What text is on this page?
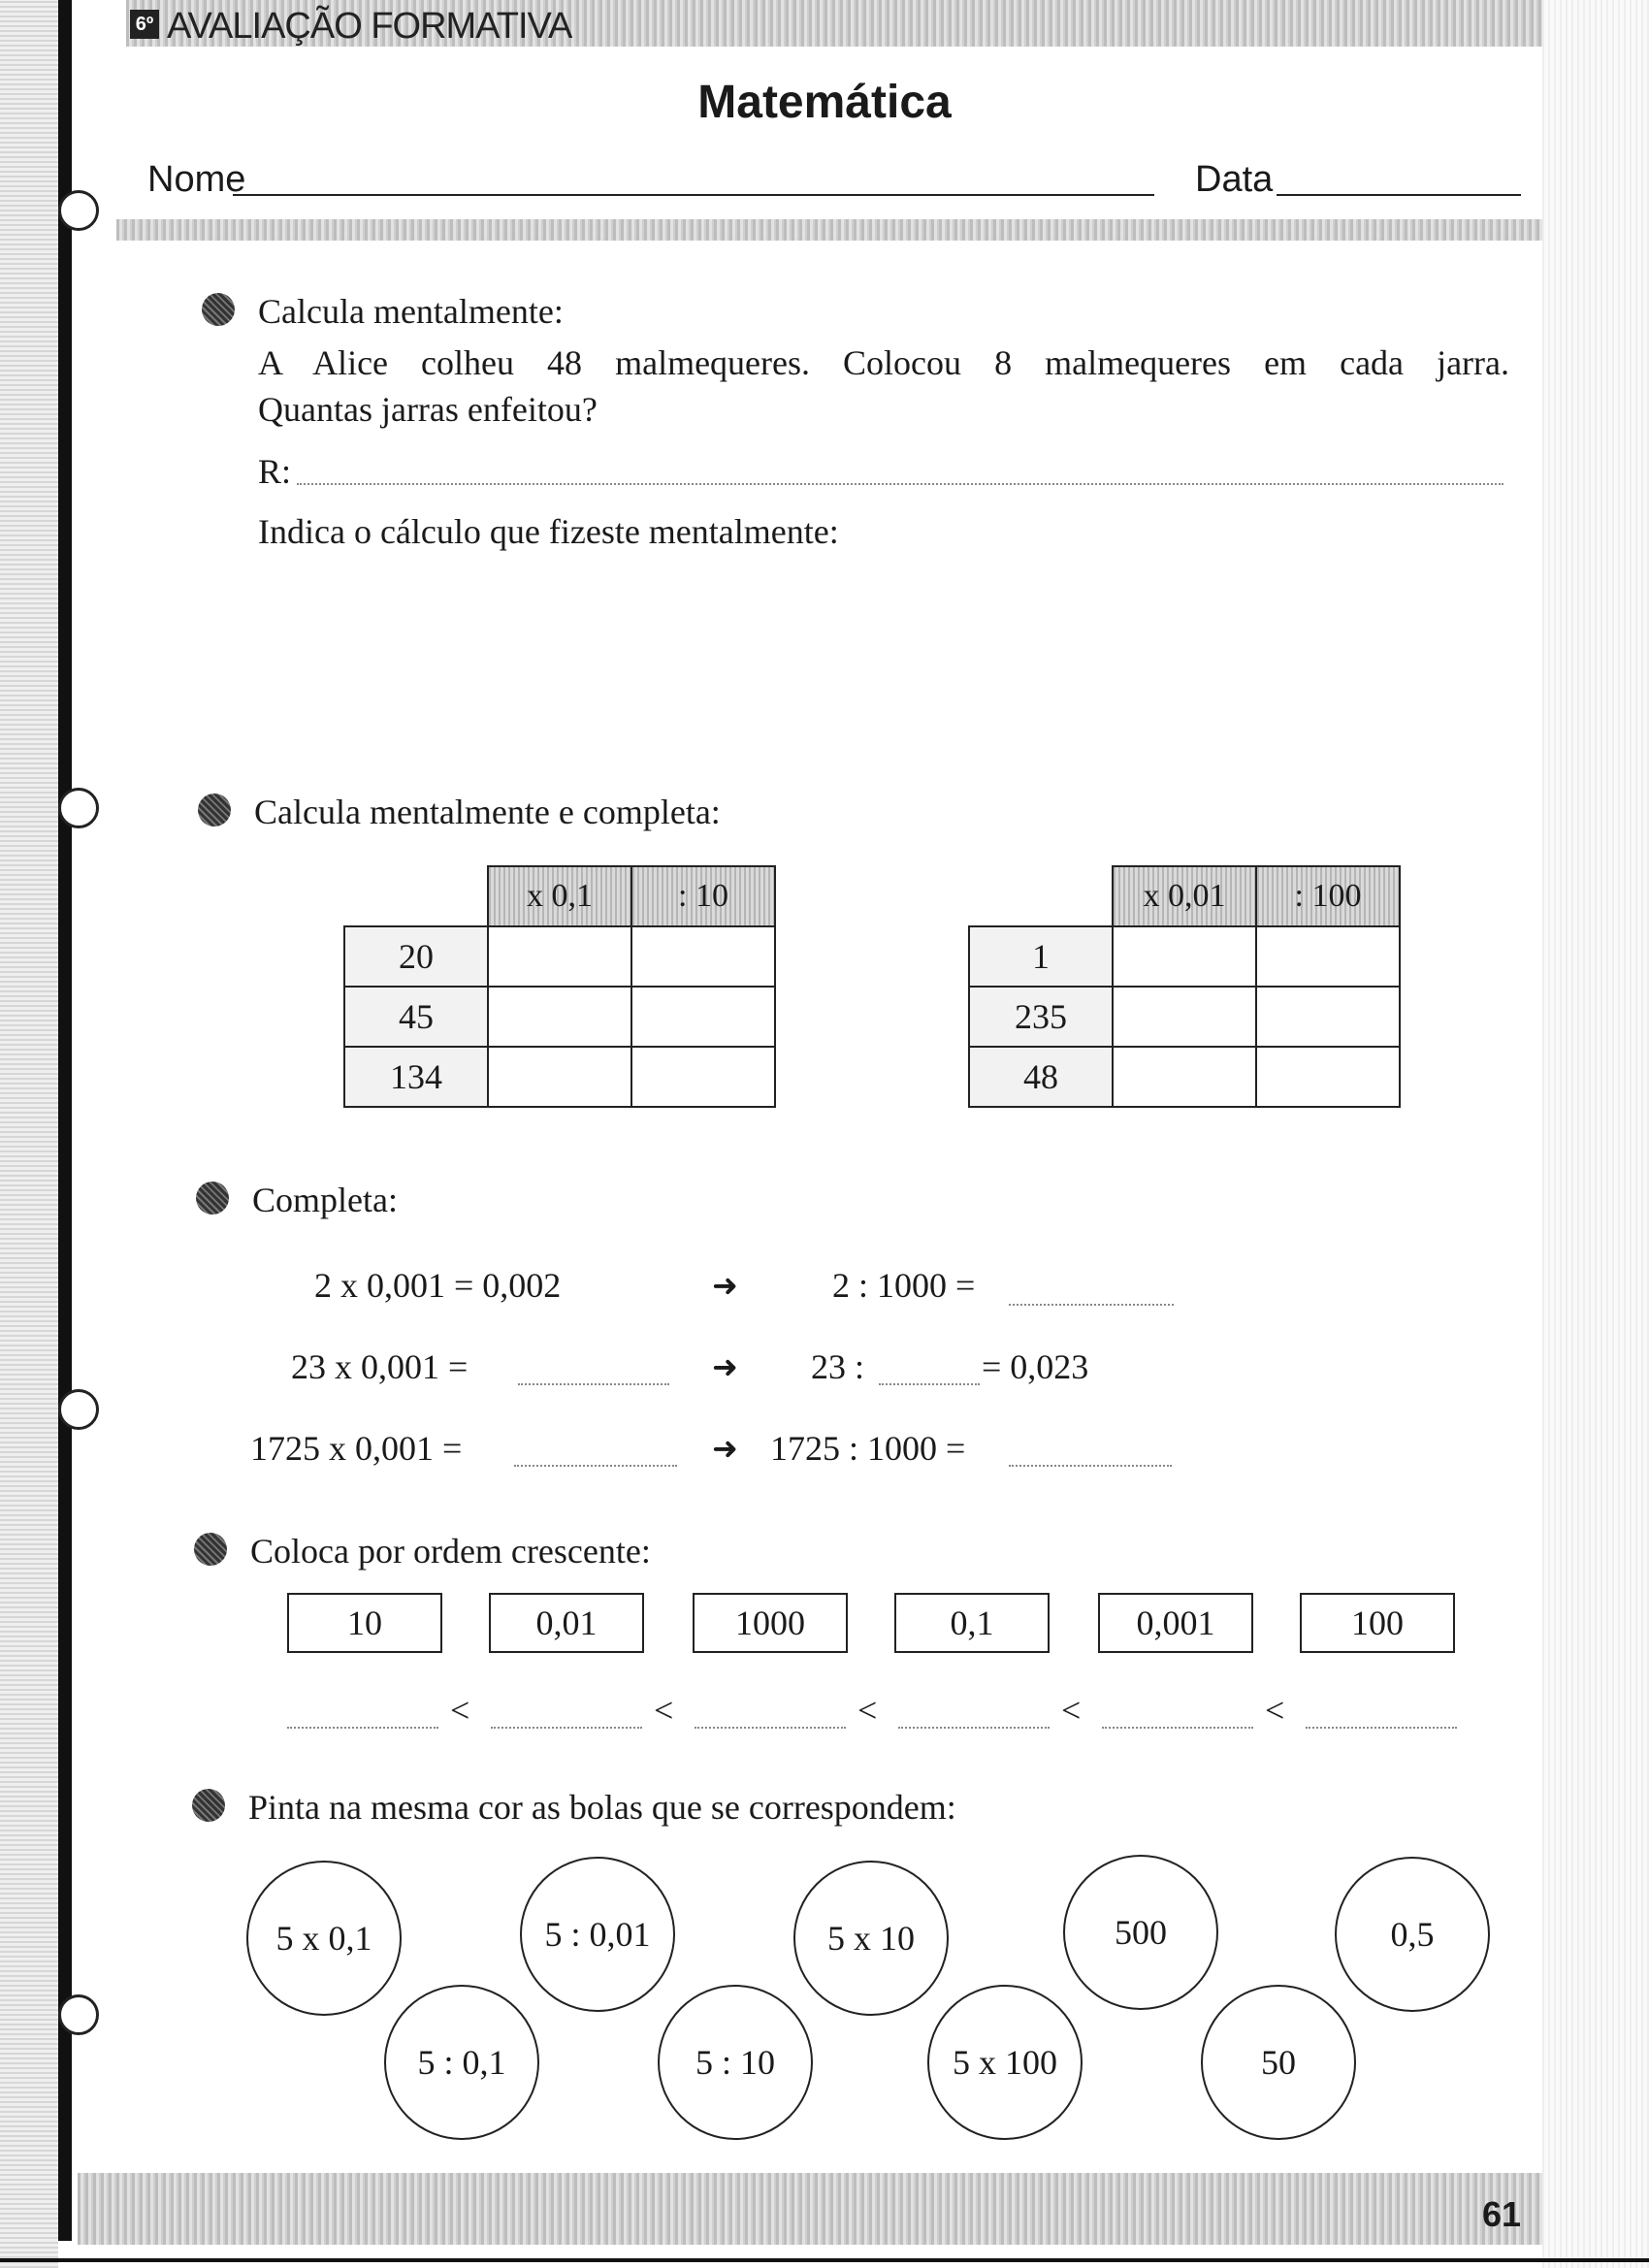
6º AVALIAÇÃO FORMATIVA
Matemática
Nome	Data
Calcula mentalmente:
A Alice colheu 48 malmequeres. Colocou 8 malmequeres em cada jarra.
Quantas jarras enfeitou?
R:
Indica o cálculo que fizeste mentalmente:
Calcula mentalmente e completa:
	x 0,1	: 10
20		
45		
134		
	x 0,01	: 100
1		
235		
48		
Completa:
2 x 0,001 = 0,002	➜	2 : 1000 =
23 x 0,001 =	➜ 23 :	= 0,023
1725 x 0,001 =	➜ 1725 : 1000 =
Coloca por ordem crescente:
10	0,01	1000	0,1	0,001	100
<	<	<	<	<
Pinta na mesma cor as bolas que se correspondem:
5 x 0,1	5 : 0,01	5 x 10	500	0,5
5 : 0,1	5 : 10	5 x 100	50
61
